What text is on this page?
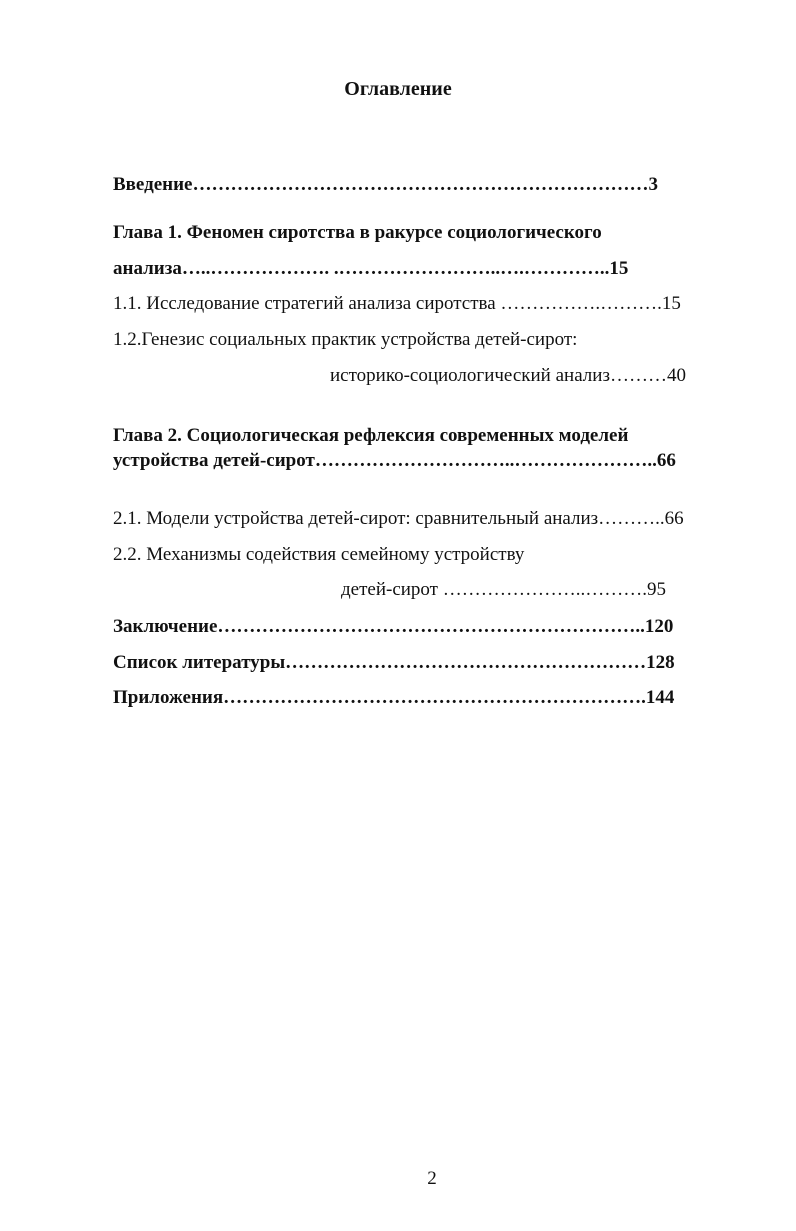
Оглавление
Введение………………………………………………………………3
Глава 1. Феномен сиротства в ракурсе социологического
анализа…..………………. .……………………..….…………..15
1.1. Исследование стратегий анализа сиротства …………….……….15
1.2.Генезис социальных практик устройства детей-сирот:
историко-социологический анализ………40
Глава 2. Социологическая рефлексия современных моделей
устройства детей-сирот…………………………..…………………..66
2.1. Модели устройства детей-сирот: сравнительный анализ………..66
2.2. Механизмы содействия семейному устройству
детей-сирот …………………..……….95
Заключение…………………………………………………………..120
Список литературы…………………………………………………128
Приложения………………………………………………………….144
2
